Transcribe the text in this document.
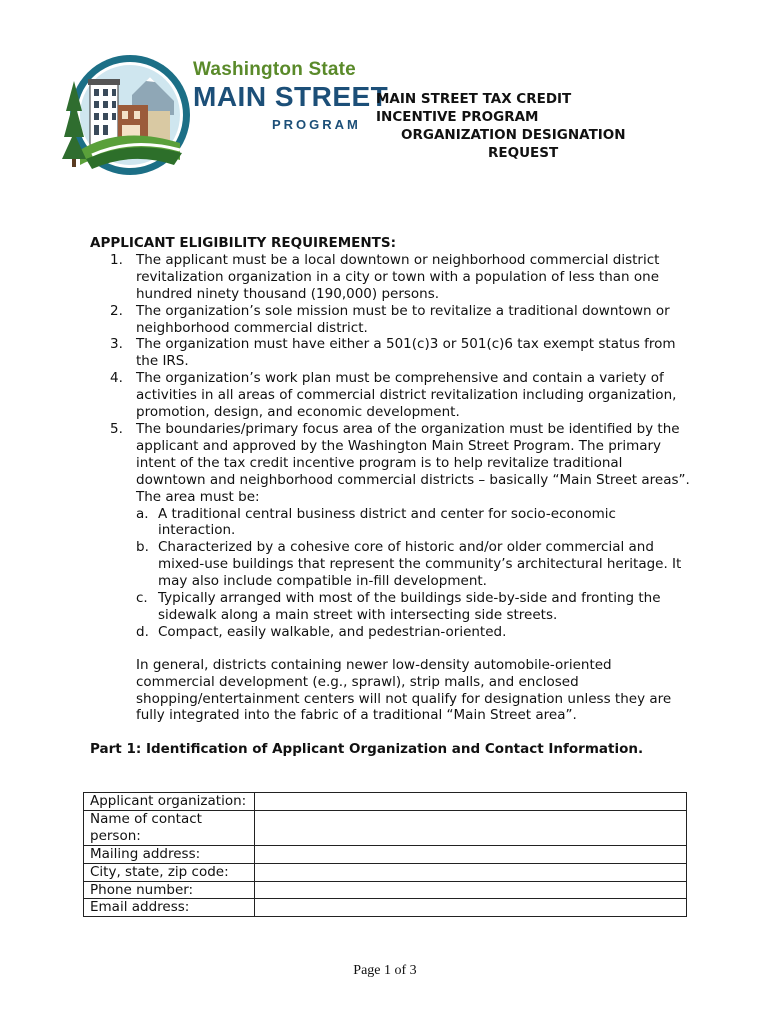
Washington State
MAIN STREET
PROGRAM
MAIN STREET TAX CREDIT
INCENTIVE PROGRAM
ORGANIZATION DESIGNATION
REQUEST

APPLICANT ELIGIBILITY REQUIREMENTS:

1. The applicant must be a local downtown or neighborhood commercial district revitalization organization in a city or town with a population of less than one hundred ninety thousand (190,000) persons.
2. The organization’s sole mission must be to revitalize a traditional downtown or neighborhood commercial district.
3. The organization must have either a 501(c)3 or 501(c)6 tax exempt status from the IRS.
4. The organization’s work plan must be comprehensive and contain a variety of activities in all areas of commercial district revitalization including organization, promotion, design, and economic development.
5. The boundaries/primary focus area of the organization must be identified by the applicant and approved by the Washington Main Street Program. The primary intent of the tax credit incentive program is to help revitalize traditional downtown and neighborhood commercial districts – basically “Main Street areas”. The area must be:
a. A traditional central business district and center for socio-economic interaction.
b. Characterized by a cohesive core of historic and/or older commercial and mixed-use buildings that represent the community’s architectural heritage. It may also include compatible in-fill development.
c. Typically arranged with most of the buildings side-by-side and fronting the sidewalk along a main street with intersecting side streets.
d. Compact, easily walkable, and pedestrian-oriented.

In general, districts containing newer low-density automobile-oriented commercial development (e.g., sprawl), strip malls, and enclosed shopping/entertainment centers will not qualify for designation unless they are fully integrated into the fabric of a traditional “Main Street area”.

Part 1: Identification of Applicant Organization and Contact Information.
Applicant organization:	
Name of contact person:	
Mailing address:	
City, state, zip code:	
Phone number:	
Email address:	
Page 1 of 3
